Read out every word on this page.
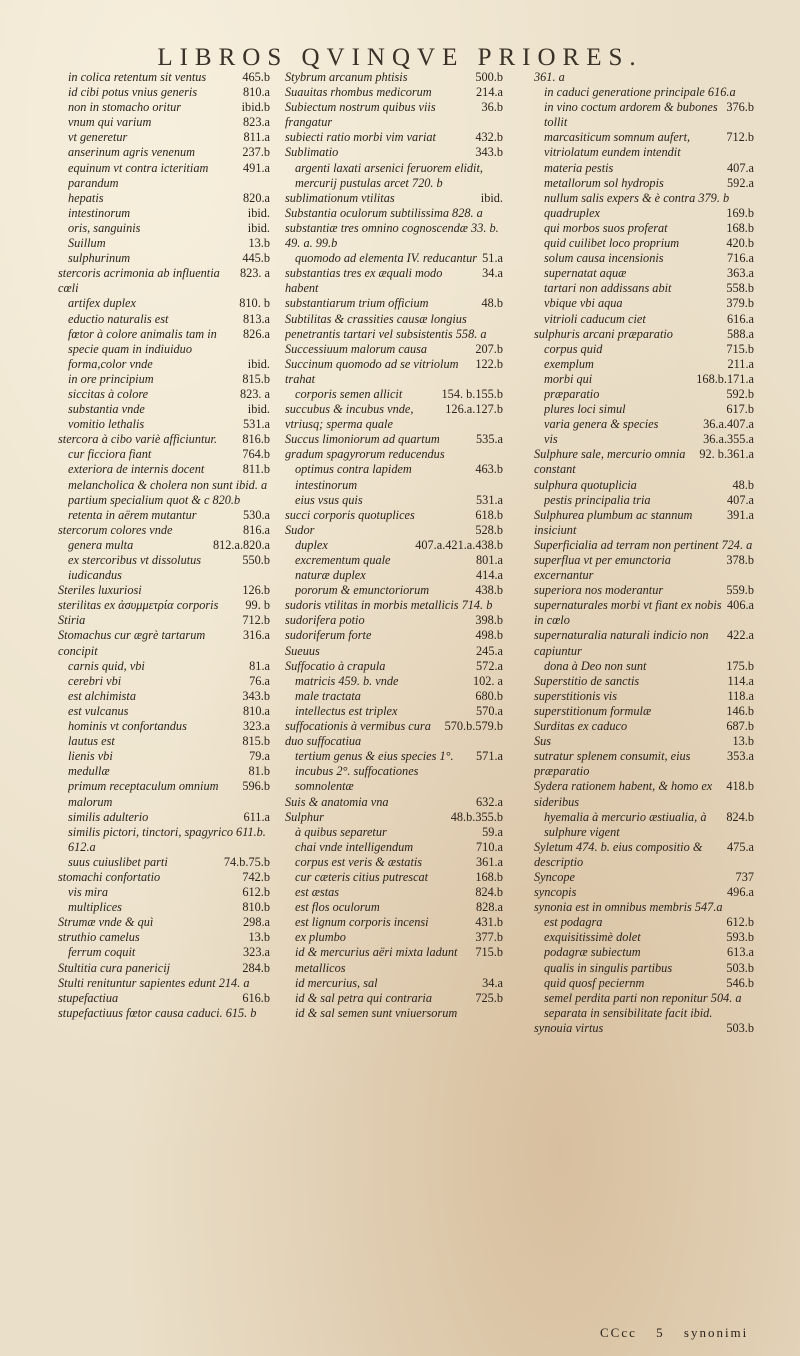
LIBROS QVINQVE PRIORES.
in colica retentum sit ventus	465.b
id cibi potus vnius generis	810.a
non in stomacho oritur	ibid.b
vnum qui varium	823.a
vt generetur	811.a
anserinum agris venenum	237.b
equinum vt contra icteritiam parandum
491.a
hepatis	820.a
intestinorum	ibid.
oris, sanguinis	ibid.
Suillum	13.b
sulphurinum	445.b
stercoris acrimonia ab influentia cœli
823. a
artifex duplex	810. b
eductio naturalis est	813.a
fœtor à colore animalis tam in specie quam in indiuiduo
826.a
forma,color vnde	ibid.
in ore principium	815.b
siccitas à colore	823. a
substantia vnde	ibid.
vomitio lethalis	531.a
stercora à cibo variè afficiuntur.	816.b
cur ficciora fiant	764.b
exteriora de internis docent	811.b
melancholica & cholera non sunt ibid. a
partium specialium quot & c 820.b
retenta in aërem mutantur	530.a
stercorum colores vnde	816.a
genera multa	812.a.820.a
ex stercoribus vt dissolutus iudicandus
550.b
Steriles luxuriosi	126.b
sterilitas ex ἀσυμμετρία corporis	99. b
Stiria	712.b
Stomachus cur ægrè tartarum concipit
316.a
carnis quid, vbi	81.a
cerebri vbi	76.a
est alchimista	343.b
est vulcanus	810.a
hominis vt confortandus	323.a
lautus est	815.b
lienis vbi	79.a
medullæ	81.b
primum receptaculum omnium malorum
596.b
similis adulterio	611.a
similis pictori, tinctori, spagyrico 611.b. 612.a
suus cuiuslibet parti	74.b.75.b
stomachi confortatio	742.b
vis mira	612.b
multiplices	810.b
Strumæ vnde & quì	298.a
struthio camelus	13.b
ferrum coquit	323.a
Stultitia cura panericij	284.b
Stulti renituntur sapientes edunt 214. a
stupefactiua	616.b
stupefactiuus fœtor causa caduci. 615. b
Stybrum arcanum phtisis	500.b
Suauitas rhombus medicorum	214.a
Subiectum nostrum quibus viis frangatur
36.b
subiecti ratio morbi vim variat	432.b
Sublimatio	343.b
argenti laxati arsenici feruorem elidit, mercurij pustulas arcet 720. b
sublimationum vtilitas	ibid.
Substantia oculorum subtilissima 828. a
substantiæ tres omnino cognoscendæ 33. b. 49. a. 99.b
quomodo ad elementa IV. reducantur 51.a
substantias tres ex æquali modo habent
34.a
substantiarum trium officium	48.b
Subtilitas & crassities causæ longius penetrantis tartari vel subsistentis 558. a
Successiuum malorum causa	207.b
Succinum quomodo ad se vitriolum trahat
122.b
corporis semen allicit	154. b.155.b
succubus & incubus vnde, vtriusq; sperma quale
126.a.127.b
Succus limoniorum ad quartum gradum spagyrorum reducendus
535.a
optimus contra lapidem intestinorum
463.b
eius vsus quis	531.a
succi corporis quotuplices	618.b
Sudor	528.b
duplex	407.a.421.a.438.b
excrementum quale	801.a
naturæ duplex	414.a
pororum & emunctoriorum	438.b
sudoris vtilitas in morbis metallicis 714. b
sudorifera potio	398.b
sudoriferum forte	498.b
Sueuus	245.a
Suffocatio à crapula	572.a
matricis 459. b. vnde	102. a
male tractata	680.b
intellectus est triplex	570.a
suffocationis à vermibus cura duo suffocatiua
570.b.579.b
tertium genus & eius species 1°. incubus 2°. suffocationes somnolentæ
571.a
Suis & anatomia vna	632.a
Sulphur	48.b.355.b
à quibus separetur	59.a
chai vnde intelligendum	710.a
corpus est veris & æstatis	361.a
cur cæteris citius putrescat	168.b
est æstas	824.b
est flos oculorum	828.a
est lignum corporis incensi	431.b
ex plumbo	377.b
id & mercurius aëri mixta ladunt metallicos
715.b
id mercurius, sal	34.a
id & sal petra qui contraria	725.b
id & sal semen sunt vniuersorum
361. a
in caduci generatione principale 616.a
in vino coctum ardorem & bubones tollit
376.b
marcasiticum somnum aufert, vitriolatum eundem intendit
712.b
materia pestis	407.a
metallorum sol hydropis	592.a
nullum salis expers & è contra 379. b
quadruplex	169.b
qui morbos suos proferat	168.b
quid cuilibet loco proprium	420.b
solum causa incensionis	716.a
supernatat aquæ	363.a
tartari non addissans abit	558.b
vbique vbi aqua	379.b
vitrioli caducum ciet	616.a
sulphuris arcani præparatio	588.a
corpus quid	715.b
exemplum	211.a
morbi qui	168.b.171.a
præparatio	592.b
plures loci simul	617.b
varia genera & species	36.a.407.a
vis	36.a.355.a
Sulphure sale, mercurio omnia constant
92. b.361.a
sulphura quotuplicia	48.b
pestis principalia tria	407.a
Sulphurea plumbum ac stannum insiciunt
391.a
Superficialia ad terram non pertinent 724. a
superflua vt per emunctoria excernantur
378.b
superiora nos moderantur	559.b
supernaturales morbi vt fiant ex nobis in cœlo
406.a
supernaturalia naturali indicio non capiuntur
422.a
dona à Deo non sunt	175.b
Superstitio de sanctis	114.a
superstitionis vis	118.a
superstitionum formulæ	146.b
Surditas ex caduco	687.b
Sus	13.b
sutratur splenem consumit, eius præparatio
353.a
Sydera rationem habent, & homo ex sideribus
418.b
hyemalia à mercurio æstiualia, à sulphure vigent
824.b
Syletum 474. b. eius compositio & descriptio
475.a
Syncope	737
syncopis	496.a
synonia est in omnibus membris 547.a
est podagra	612.b
exquisitissimè dolet	593.b
podagræ subiectum	613.a
qualis in singulis partibus	503.b
quid quosf peciernm	546.b
semel perdita parti non reponitur 504. a
separata in sensibilitate facit ibid.
synouia virtus	503.b
CCcc 5 synonimi
